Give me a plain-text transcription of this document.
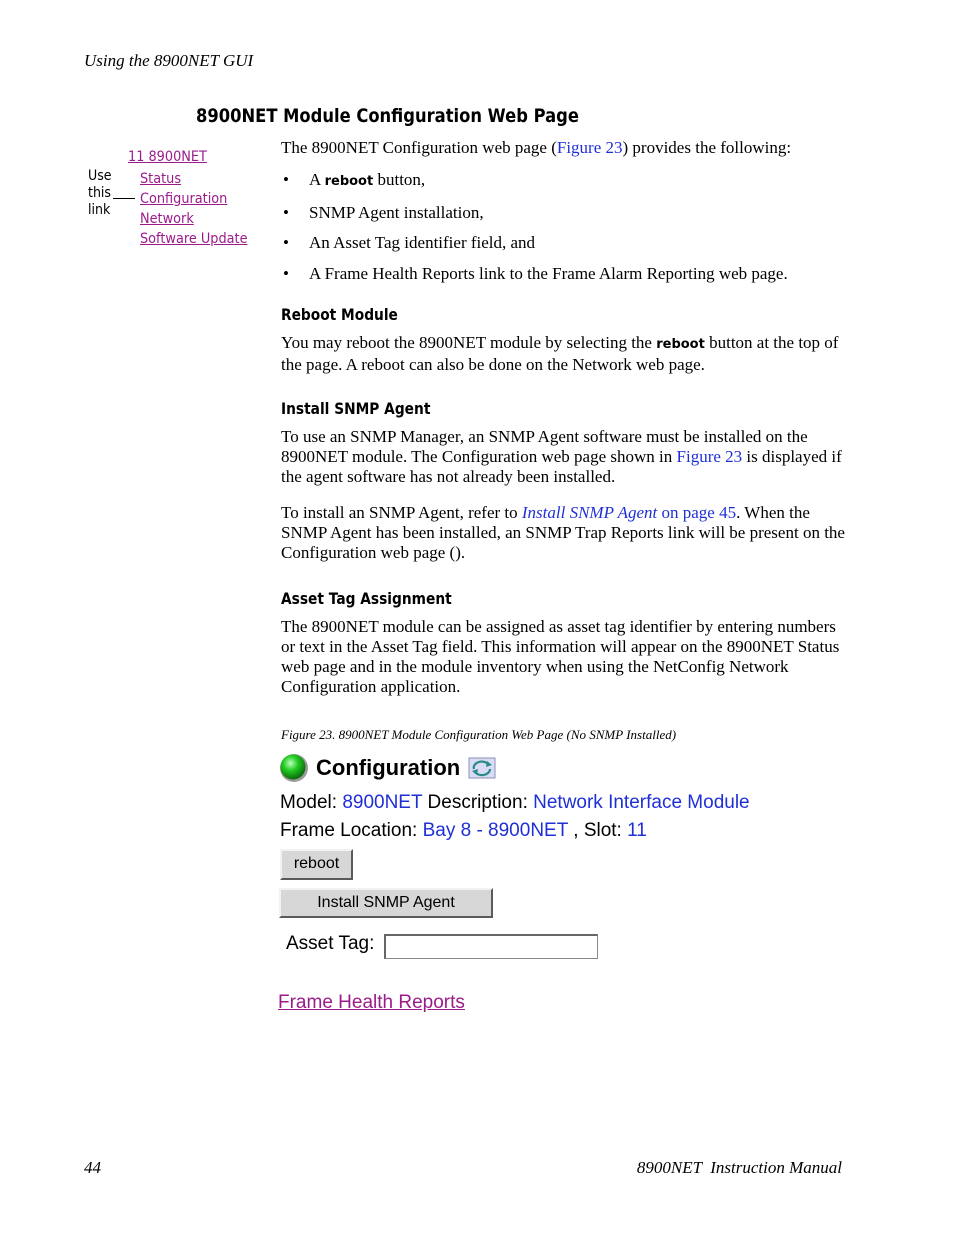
Using the 8900NET GUI
8900NET Module Configuration Web Page
11 8900NET
Status
Configuration
Network
Software Update
Use
this
link
The 8900NET Configuration web page (Figure 23) provides the following:
• A reboot button,
• SNMP Agent installation,
• An Asset Tag identifier field, and
• A Frame Health Reports link to the Frame Alarm Reporting web page.
Reboot Module
You may reboot the 8900NET module by selecting the reboot button at the top of the page. A reboot can also be done on the Network web page.
Install SNMP Agent
To use an SNMP Manager, an SNMP Agent software must be installed on the 8900NET module. The Configuration web page shown in Figure 23 is displayed if the agent software has not already been installed.
To install an SNMP Agent, refer to Install SNMP Agent on page 45. When the SNMP Agent has been installed, an SNMP Trap Reports link will be present on the Configuration web page ().
Asset Tag Assignment
The 8900NET module can be assigned as asset tag identifier by entering numbers or text in the Asset Tag field. This information will appear on the 8900NET Status web page and in the module inventory when using the NetConfig Network Configuration application.
Figure 23. 8900NET Module Configuration Web Page (No SNMP Installed)
Configuration
Model: 8900NET Description: Network Interface Module
Frame Location: Bay 8 - 8900NET , Slot: 11
reboot
Install SNMP Agent
Asset Tag:
Frame Health Reports
44	8900NET  Instruction Manual
